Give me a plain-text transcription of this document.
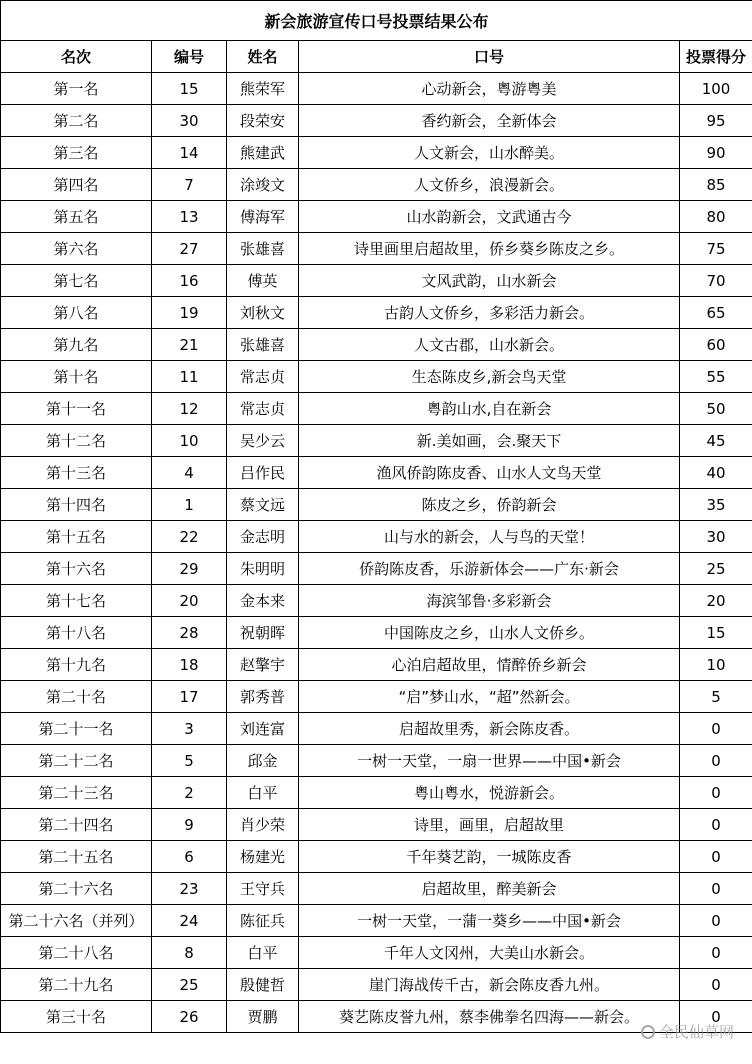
新会旅游宣传口号投票结果公布				
名次	编号	姓名	口号	投票得分
第一名	15	熊荣军	心动新会，粤游粤美	100
第二名	30	段荣安	香约新会，全新体会	95
第三名	14	熊建武	人文新会，山水醉美。	90
第四名	7	涂竣文	人文侨乡，浪漫新会。	85
第五名	13	傅海军	山水韵新会，文武通古今	80
第六名	27	张雄喜	诗里画里启超故里，侨乡葵乡陈皮之乡。	75
第七名	16	傅英	文风武韵，山水新会	70
第八名	19	刘秋文	古韵人文侨乡，多彩活力新会。	65
第九名	21	张雄喜	人文古郡，山水新会。	60
第十名	11	常志贞	生态陈皮乡,新会鸟天堂	55
第十一名	12	常志贞	粤韵山水,自在新会	50
第十二名	10	吴少云	新.美如画，会.聚天下	45
第十三名	4	吕作民	渔风侨韵陈皮香、山水人文鸟天堂	40
第十四名	1	蔡文远	陈皮之乡，侨韵新会	35
第十五名	22	金志明	山与水的新会，人与鸟的天堂！	30
第十六名	29	朱明明	侨韵陈皮香，乐游新体会——广东·新会	25
第十七名	20	金本来	海滨邹鲁·多彩新会	20
第十八名	28	祝朝晖	中国陈皮之乡，山水人文侨乡。	15
第十九名	18	赵擎宇	心泊启超故里，情醉侨乡新会	10
第二十名	17	郭秀普	“启”梦山水，“超”然新会。	5
第二十一名	3	刘连富	启超故里秀，新会陈皮香。	0
第二十二名	5	邱金	一树一天堂，一扇一世界——中国•新会	0
第二十三名	2	白平	粤山粤水，悦游新会。	0
第二十四名	9	肖少荣	诗里，画里，启超故里	0
第二十五名	6	杨建光	千年葵艺韵，一城陈皮香	0
第二十六名	23	王守兵	启超故里，醉美新会	0
第二十六名（并列）	24	陈征兵	一树一天堂，一蒲一葵乡——中国•新会	0
第二十八名	8	白平	千年人文冈州，大美山水新会。	0
第二十九名	25	殷健哲	崖门海战传千古，新会陈皮香九州。	0
第三十名	26	贾鹏	葵艺陈皮誉九州，蔡李佛拳名四海——新会。	0
全民仙草网
